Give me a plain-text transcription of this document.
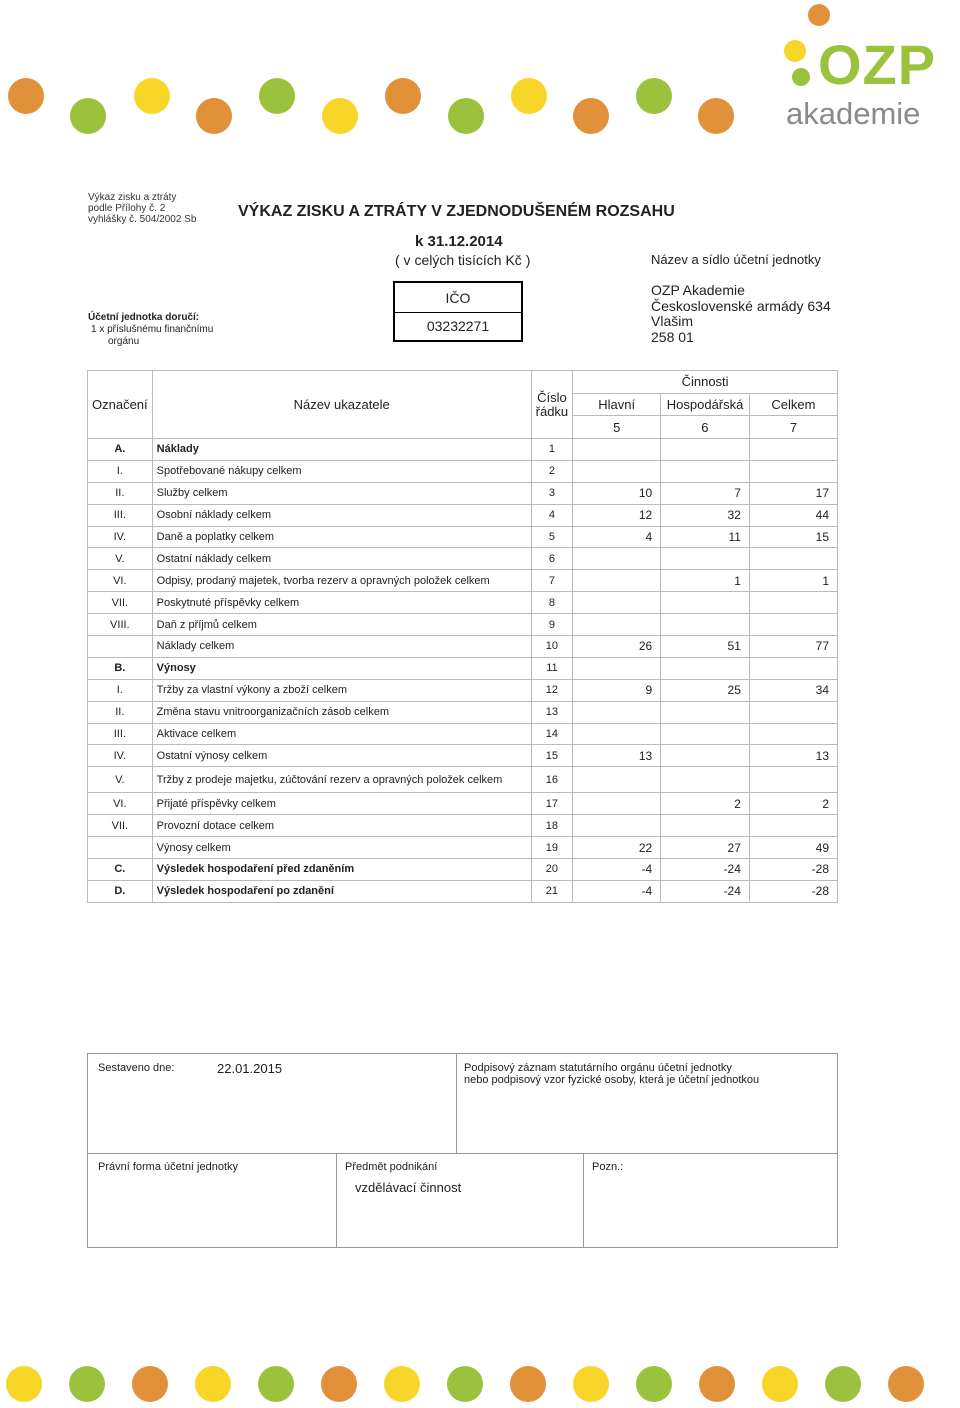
OZP
akademie
Výkaz zisku a ztráty
podle Přílohy č. 2
vyhlášky č. 504/2002 Sb	VÝKAZ ZISKU A ZTRÁTY V ZJEDNODUŠENÉM ROZSAHU
k 31.12.2014
( v celých tisících Kč )	Název a sídlo účetní jednotky
IČO
03232271
Účetní jednotka doručí:
1 x příslušnému finančnímu
orgánu
OZP Akademie
Československé armády 634
Vlašim
258 01
Označení	Název ukazatele	Číslo
řádku	Činnosti		
			Hlavní	Hospodářská	Celkem
			5	6	7
A.	Náklady	1			
I.	Spotřebované nákupy celkem	2			
II.	Služby celkem	3	10	7	17
III.	Osobní náklady celkem	4	12	32	44
IV.	Daně a poplatky celkem	5	4	11	15
V.	Ostatní náklady celkem	6			
VI.	Odpisy, prodaný majetek, tvorba rezerv a opravných položek celkem	7		1	1
VII.	Poskytnuté příspěvky celkem	8			
VIII.	Daň z příjmů celkem	9			
	Náklady celkem	10	26	51	77
B.	Výnosy	11			
I.	Tržby za vlastní výkony a zboží celkem	12	9	25	34
II.	Změna stavu vnitroorganizačních zásob celkem	13			
III.	Aktivace celkem	14			
IV.	Ostatní výnosy celkem	15	13		13
V.	Tržby z prodeje majetku, zúčtování rezerv a opravných položek celkem	16			
VI.	Přijaté příspěvky celkem	17		2	2
VII.	Provozní dotace celkem	18			
	Výnosy celkem	19	22	27	49
C.	Výsledek hospodaření před zdaněním	20	-4	-24	-28
D.	Výsledek hospodaření po zdanění	21	-4	-24	-28
Sestaveno dne:	22.01.2015	Podpisový záznam statutárního orgánu účetní jednotky
nebo podpisový vzor fyzické osoby, která je účetní jednotkou
Právní forma účetní jednotky	Předmět podnikání
vzdělávací činnost
Pozn.:
